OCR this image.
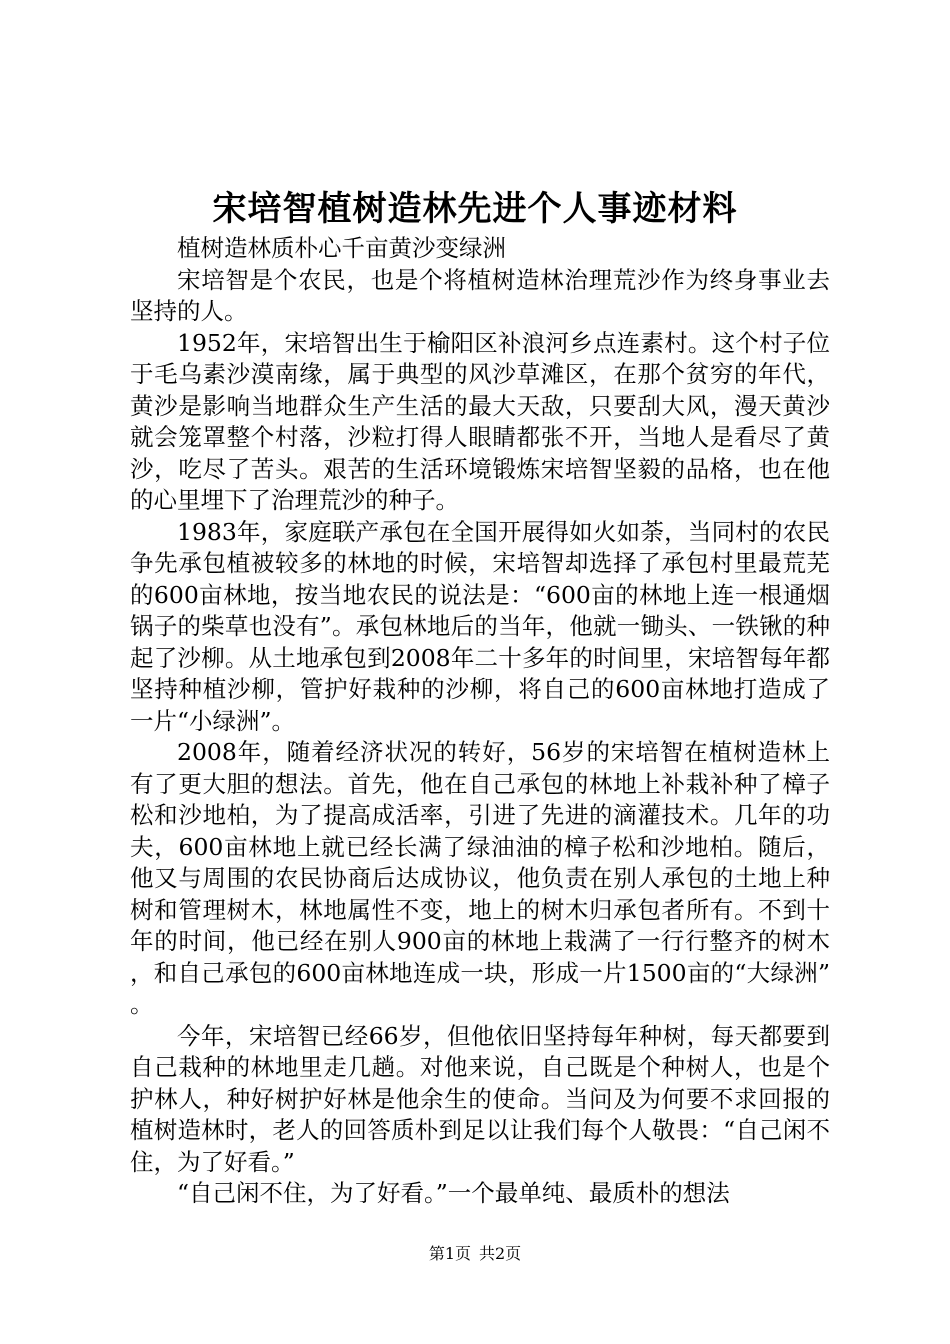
宋培智植树造林先进个人事迹材料

植树造林质朴心千亩黄沙变绿洲

宋培智是个农民，也是个将植树造林治理荒沙作为终身事业去坚持的人。

1952年，宋培智出生于榆阳区补浪河乡点连素村。这个村子位于毛乌素沙漠南缘，属于典型的风沙草滩区，在那个贫穷的年代，黄沙是影响当地群众生产生活的最大天敌，只要刮大风，漫天黄沙就会笼罩整个村落，沙粒打得人眼睛都张不开，当地人是看尽了黄沙，吃尽了苦头。艰苦的生活环境锻炼宋培智坚毅的品格，也在他的心里埋下了治理荒沙的种子。

1983年，家庭联产承包在全国开展得如火如荼，当同村的农民争先承包植被较多的林地的时候，宋培智却选择了承包村里最荒芜的600亩林地，按当地农民的说法是：“600亩的林地上连一根通烟锅子的柴草也没有”。承包林地后的当年，他就一锄头、一铁锹的种起了沙柳。从土地承包到2008年二十多年的时间里，宋培智每年都坚持种植沙柳，管护好栽种的沙柳，将自己的600亩林地打造成了一片“小绿洲”。

2008年，随着经济状况的转好，56岁的宋培智在植树造林上有了更大胆的想法。首先，他在自己承包的林地上补栽补种了樟子松和沙地柏，为了提高成活率，引进了先进的滴灌技术。几年的功夫，600亩林地上就已经长满了绿油油的樟子松和沙地柏。随后，他又与周围的农民协商后达成协议，他负责在别人承包的土地上种树和管理树木，林地属性不变，地上的树木归承包者所有。不到十年的时间，他已经在别人900亩的林地上栽满了一行行整齐的树木，和自己承包的600亩林地连成一块，形成一片1500亩的“大绿洲”。

今年，宋培智已经66岁，但他依旧坚持每年种树，每天都要到自己栽种的林地里走几趟。对他来说，自己既是个种树人，也是个护林人，种好树护好林是他余生的使命。当问及为何要不求回报的植树造林时，老人的回答质朴到足以让我们每个人敬畏：“自己闲不住，为了好看。”

“自己闲不住，为了好看。”一个最单纯、最质朴的想法

第1页 共2页
